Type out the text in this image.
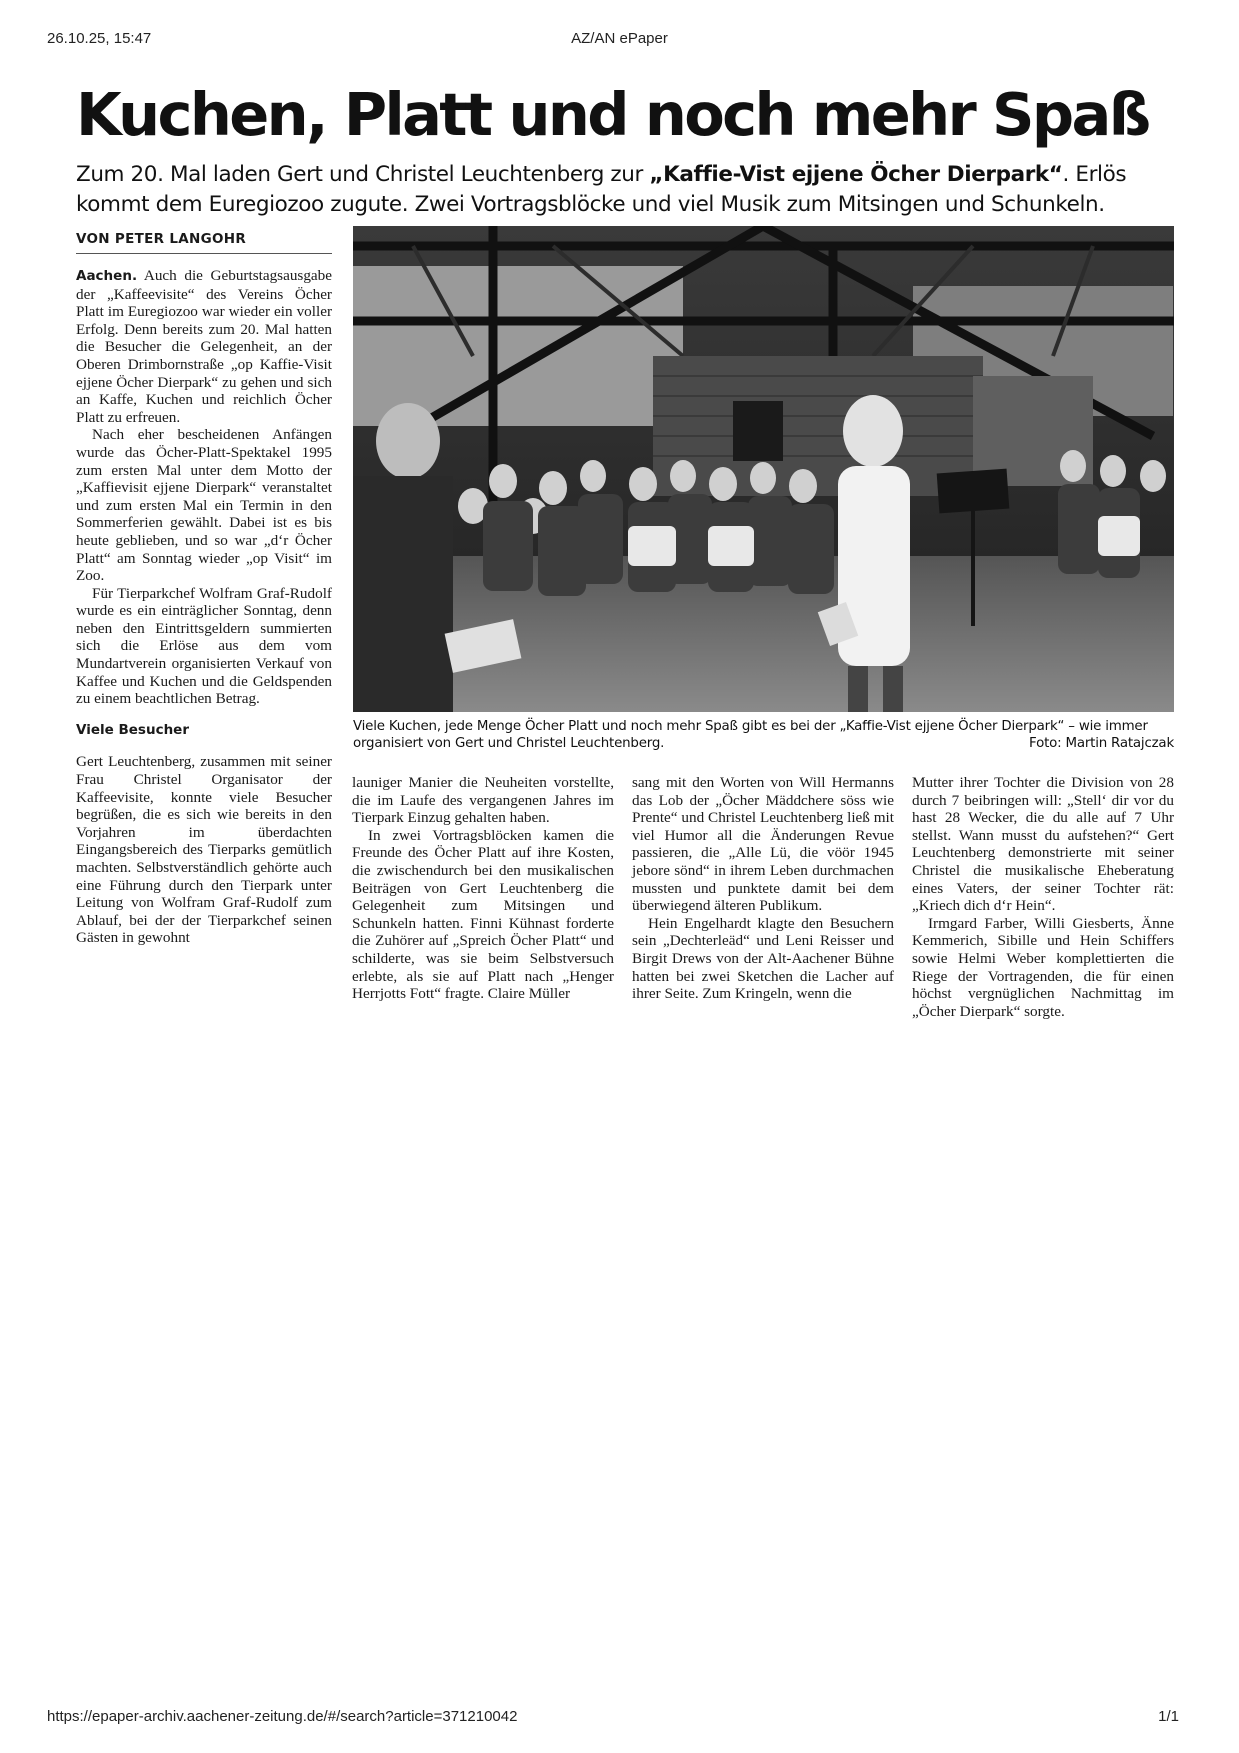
AZ/AN ePaper
26.10.25, 15:47
Kuchen, Platt und noch mehr Spaß
Zum 20. Mal laden Gert und Christel Leuchtenberg zur „Kaffie-Vist ejjene Öcher Dierpark“. Erlös kommt dem Euregiozoo zugute. Zwei Vortragsblöcke und viel Musik zum Mitsingen und Schunkeln.
VON PETER LANGOHR

Aachen. Auch die Geburtstagsausgabe der „Kaffeevisite“ des Vereins Öcher Platt im Euregiozoo war wieder ein voller Erfolg. Denn bereits zum 20. Mal hatten die Besucher die Gelegenheit, an der Oberen Drimbornstraße „op Kaffie-Visit ejjene Öcher Dierpark“ zu gehen und sich an Kaffe, Kuchen und reichlich Öcher Platt zu erfreuen.

Nach eher bescheidenen Anfängen wurde das Öcher-Platt-Spektakel 1995 zum ersten Mal unter dem Motto der „Kaffievisit ejjene Dierpark“ veranstaltet und zum ersten Mal ein Termin in den Sommerferien gewählt. Dabei ist es bis heute geblieben, und so war „d‘r Öcher Platt“ am Sonntag wieder „op Visit“ im Zoo.

Für Tierparkchef Wolfram Graf-Rudolf wurde es ein einträglicher Sonntag, denn neben den Eintrittsgeldern summierten sich die Erlöse aus dem vom Mundartverein organisierten Verkauf von Kaffee und Kuchen und die Geldspenden zu einem beachtlichen Betrag.

Viele Besucher

Gert Leuchtenberg, zusammen mit seiner Frau Christel Organisator der Kaffeevisite, konnte viele Besucher begrüßen, die es sich wie bereits in den Vorjahren im überdachten Eingangsbereich des Tierparks gemütlich machten. Selbstverständlich gehörte auch eine Führung durch den Tierpark unter Leitung von Wolfram Graf-Rudolf zum Ablauf, bei der der Tierparkchef seinen Gästen in gewohnt

Viele Kuchen, jede Menge Öcher Platt und noch mehr Spaß gibt es bei der „Kaffie-Vist ejjene Öcher Dierpark“ – wie immer organisiert von Gert und Christel Leuchtenberg.	Foto: Martin Ratajczak

launiger Manier die Neuheiten vorstellte, die im Laufe des vergangenen Jahres im Tierpark Einzug gehalten haben.

In zwei Vortragsblöcken kamen die Freunde des Öcher Platt auf ihre Kosten, die zwischendurch bei den musikalischen Beiträgen von Gert Leuchtenberg die Gelegenheit zum Mitsingen und Schunkeln hatten. Finni Kühnast forderte die Zuhörer auf „Spreich Öcher Platt“ und schilderte, was sie beim Selbstversuch erlebte, als sie auf Platt nach „Henger Herrjotts Fott“ fragte. Claire Müller

sang mit den Worten von Will Hermanns das Lob der „Öcher Mäddchere söss wie Prente“ und Christel Leuchtenberg ließ mit viel Humor all die Änderungen Revue passieren, die „Alle Lü, die vöör 1945 jebore sönd“ in ihrem Leben durchmachen mussten und punktete damit bei dem überwiegend älteren Publikum.

Hein Engelhardt klagte den Besuchern sein „Dechterleäd“ und Leni Reisser und Birgit Drews von der Alt-Aachener Bühne hatten bei zwei Sketchen die Lacher auf ihrer Seite. Zum Kringeln, wenn die

Mutter ihrer Tochter die Division von 28 durch 7 beibringen will: „Stell‘ dir vor du hast 28 Wecker, die du alle auf 7 Uhr stellst. Wann musst du aufstehen?“ Gert Leuchtenberg demonstrierte mit seiner Christel die musikalische Eheberatung eines Vaters, der seiner Tochter rät: „Kriech dich d‘r Hein“.

Irmgard Farber, Willi Giesberts, Änne Kemmerich, Sibille und Hein Schiffers sowie Helmi Weber komplettierten die Riege der Vortragenden, die für einen höchst vergnüglichen Nachmittag im „Öcher Dierpark“ sorgte.

https://epaper-archiv.aachener-zeitung.de/#/search?article=371210042	1/1
